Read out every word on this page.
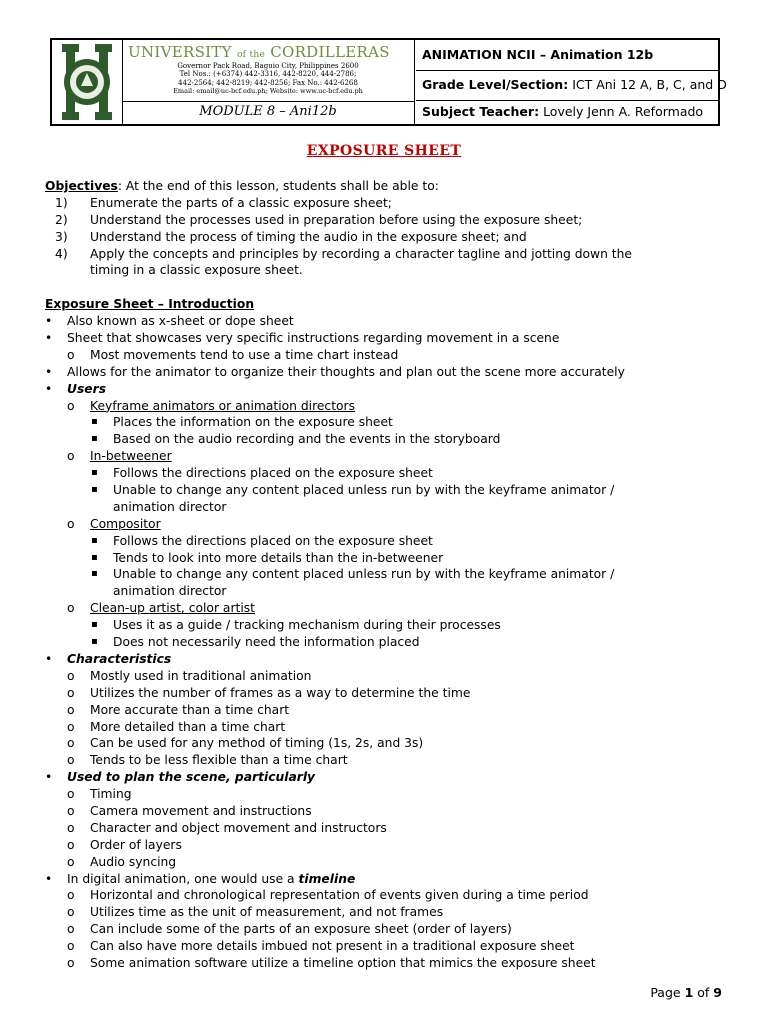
UNIVERSITY of the CORDILLERAS
Governor Pack Road, Baguio City, Philippines 2600
Tel Nos.: (+6374) 442-3316, 442-8220, 444-2786;
442-2564; 442-8219; 442-8256; Fax No.: 442-6268
Email: email@uc-bcf.edu.ph; Website: www.uc-bcf.edu.ph
MODULE 8 – Ani12b
ANIMATION NCII – Animation 12b
Grade Level/Section: ICT Ani 12 A, B, C, and D
Subject Teacher: Lovely Jenn A. Reformado
EXPOSURE SHEET
Objectives: At the end of this lesson, students shall be able to:
1) Enumerate the parts of a classic exposure sheet;
2) Understand the processes used in preparation before using the exposure sheet;
3) Understand the process of timing the audio in the exposure sheet; and
4) Apply the concepts and principles by recording a character tagline and jotting down the
timing in a classic exposure sheet.
Exposure Sheet – Introduction
• Also known as x-sheet or dope sheet
• Sheet that showcases very specific instructions regarding movement in a scene
o Most movements tend to use a time chart instead
• Allows for the animator to organize their thoughts and plan out the scene more accurately
• Users
o Keyframe animators or animation directors
▪ Places the information on the exposure sheet
▪ Based on the audio recording and the events in the storyboard
o In-betweener
▪ Follows the directions placed on the exposure sheet
▪ Unable to change any content placed unless run by with the keyframe animator /
animation director
o Compositor
▪ Follows the directions placed on the exposure sheet
▪ Tends to look into more details than the in-betweener
▪ Unable to change any content placed unless run by with the keyframe animator /
animation director
o Clean-up artist, color artist
▪ Uses it as a guide / tracking mechanism during their processes
▪ Does not necessarily need the information placed
• Characteristics
o Mostly used in traditional animation
o Utilizes the number of frames as a way to determine the time
o More accurate than a time chart
o More detailed than a time chart
o Can be used for any method of timing (1s, 2s, and 3s)
o Tends to be less flexible than a time chart
• Used to plan the scene, particularly
o Timing
o Camera movement and instructions
o Character and object movement and instructors
o Order of layers
o Audio syncing
• In digital animation, one would use a timeline
o Horizontal and chronological representation of events given during a time period
o Utilizes time as the unit of measurement, and not frames
o Can include some of the parts of an exposure sheet (order of layers)
o Can also have more details imbued not present in a traditional exposure sheet
o Some animation software utilize a timeline option that mimics the exposure sheet
Page 1 of 9
